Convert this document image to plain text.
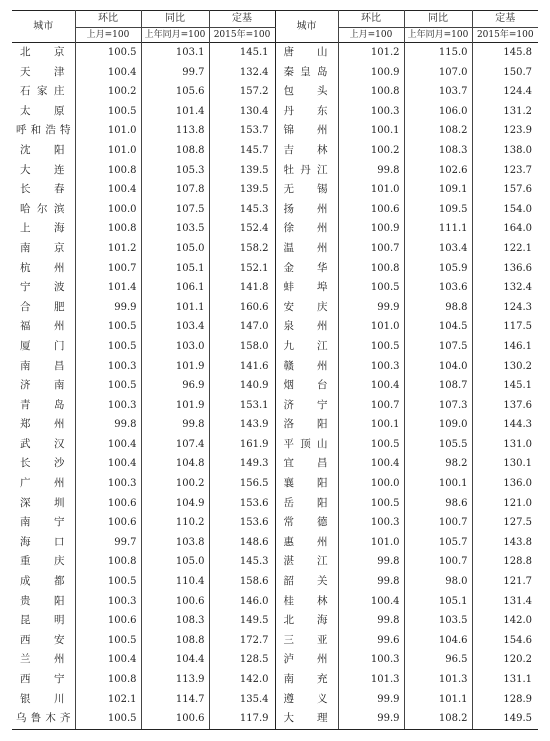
城市	环比	同比	定基	城市	环比	同比	定基
	上月=100	上年同月=100	2015年=100		上月=100	上年同月=100	2015年=100
北　京	100.5	103.1	145.1	唐　山	101.2	115.0	145.8
天　津	100.4	99.7	132.4	秦皇岛	100.9	107.0	150.7
石家庄	100.2	105.6	157.2	包　头	100.8	103.7	124.4
太　原	100.5	101.4	130.4	丹　东	100.3	106.0	131.2
呼和浩特	101.0	113.8	153.7	锦　州	100.1	108.2	123.9
沈　阳	101.0	108.8	145.7	吉　林	100.2	108.3	138.0
大　连	100.8	105.3	139.5	牡丹江	99.8	102.6	123.7
长　春	100.4	107.8	139.5	无　锡	101.0	109.1	157.6
哈尔滨	100.0	107.5	145.3	扬　州	100.6	109.5	154.0
上　海	100.8	103.5	152.4	徐　州	100.9	111.1	164.0
南　京	101.2	105.0	158.2	温　州	100.7	103.4	122.1
杭　州	100.7	105.1	152.1	金　华	100.8	105.9	136.6
宁　波	101.4	106.1	141.8	蚌　埠	100.5	103.6	132.4
合　肥	99.9	101.1	160.6	安　庆	99.9	98.8	124.3
福　州	100.5	103.4	147.0	泉　州	101.0	104.5	117.5
厦　门	100.5	103.0	158.0	九　江	100.5	107.5	146.1
南　昌	100.3	101.9	141.6	赣　州	100.3	104.0	130.2
济　南	100.5	96.9	140.9	烟　台	100.4	108.7	145.1
青　岛	100.3	101.9	153.1	济　宁	100.7	107.3	137.6
郑　州	99.8	99.8	143.9	洛　阳	100.1	109.0	144.3
武　汉	100.4	107.4	161.9	平顶山	100.5	105.5	131.0
长　沙	100.4	104.8	149.3	宜　昌	100.4	98.2	130.1
广　州	100.3	100.2	156.5	襄　阳	100.0	100.1	136.0
深　圳	100.6	104.9	153.6	岳　阳	100.5	98.6	121.0
南　宁	100.6	110.2	153.6	常　德	100.3	100.7	127.5
海　口	99.7	103.8	148.6	惠　州	101.0	105.7	143.8
重　庆	100.8	105.0	145.3	湛　江	99.8	100.7	128.8
成　都	100.5	110.4	158.6	韶　关	99.8	98.0	121.7
贵　阳	100.3	100.6	146.0	桂　林	100.4	105.1	131.4
昆　明	100.6	108.3	149.5	北　海	99.8	103.5	142.0
西　安	100.5	108.8	172.7	三　亚	99.6	104.6	154.6
兰　州	100.4	104.4	128.5	泸　州	100.3	96.5	120.2
西　宁	100.8	113.9	142.0	南　充	101.3	101.3	131.1
银　川	102.1	114.7	135.4	遵　义	99.9	101.1	128.9
乌鲁木齐	100.5	100.6	117.9	大　理	99.9	108.2	149.5
